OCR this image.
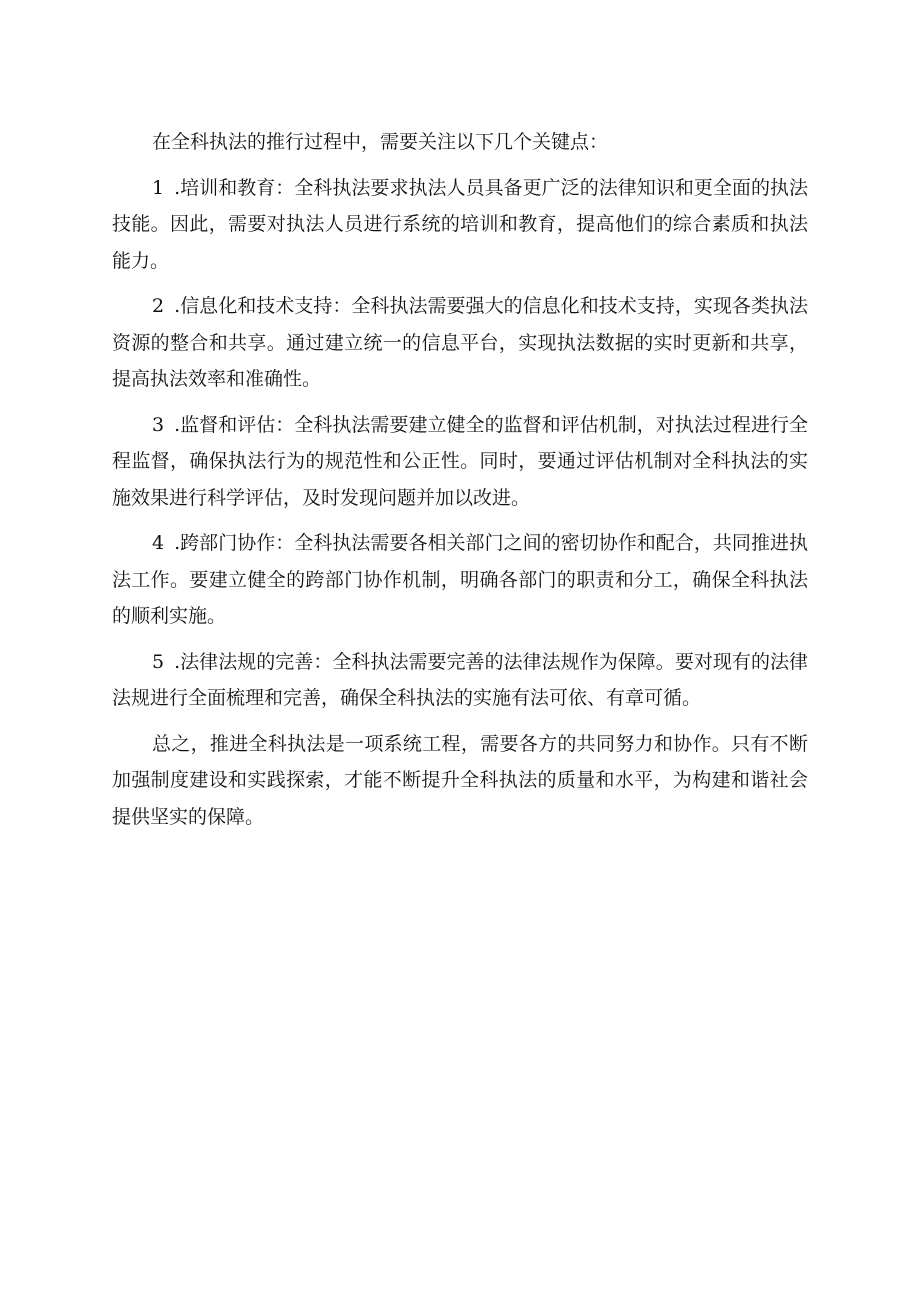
在全科执法的推行过程中，需要关注以下几个关键点：

1 .培训和教育：全科执法要求执法人员具备更广泛的法律知识和更全面的执法技能。因此，需要对执法人员进行系统的培训和教育，提高他们的综合素质和执法能力。

2 .信息化和技术支持：全科执法需要强大的信息化和技术支持，实现各类执法资源的整合和共享。通过建立统一的信息平台，实现执法数据的实时更新和共享，提高执法效率和准确性。

3 .监督和评估：全科执法需要建立健全的监督和评估机制，对执法过程进行全程监督，确保执法行为的规范性和公正性。同时，要通过评估机制对全科执法的实施效果进行科学评估，及时发现问题并加以改进。

4 .跨部门协作：全科执法需要各相关部门之间的密切协作和配合，共同推进执法工作。要建立健全的跨部门协作机制，明确各部门的职责和分工，确保全科执法的顺利实施。

5 .法律法规的完善：全科执法需要完善的法律法规作为保障。要对现有的法律法规进行全面梳理和完善，确保全科执法的实施有法可依、有章可循。

总之，推进全科执法是一项系统工程，需要各方的共同努力和协作。只有不断加强制度建设和实践探索，才能不断提升全科执法的质量和水平，为构建和谐社会提供坚实的保障。
